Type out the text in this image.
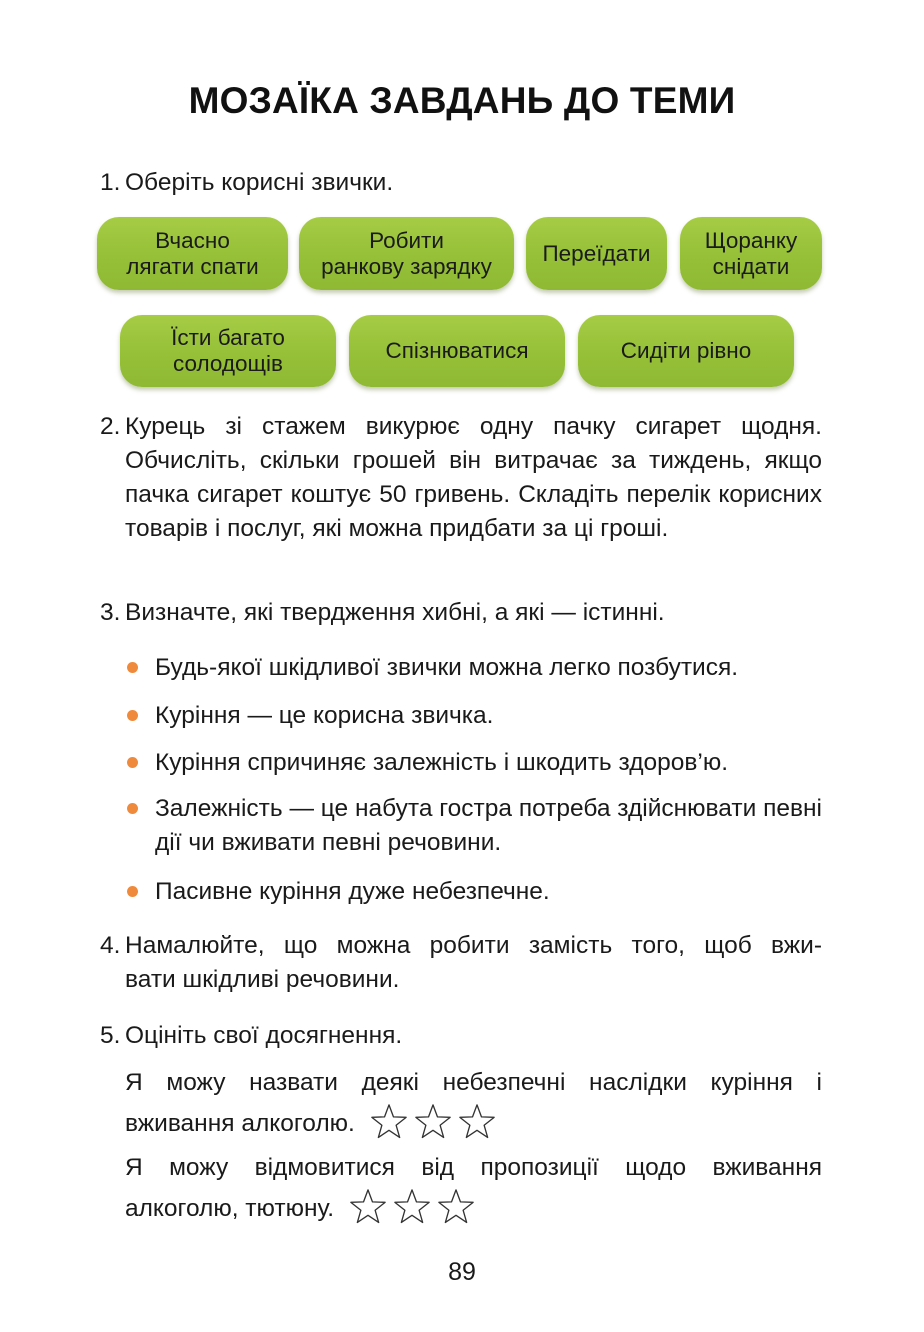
МОЗАЇКА ЗАВДАНЬ ДО ТЕМИ
1. Оберіть корисні звички.
Вчасно
лягати спати
Робити
ранкову зарядку
Переїдати
Щоранку
снідати
Їсти багато
солодощів
Спізнюватися	Сидіти рівно
2. Курець зі стажем викурює одну пачку сигарет щодня. Обчисліть, скільки грошей він витрачає за тиждень, якщо пачка сигарет коштує 50 гривень. Складіть перелік корисних товарів і послуг, які можна придбати за ці гроші.
3. Визначте, які твердження хибні, а які — істинні.
Будь-якої шкідливої звички можна легко позбутися.
Куріння — це корисна звичка.
Куріння спричиняє залежність і шкодить здоров’ю.
Залежність — це набута гостра потреба здійснювати певні дії чи вживати певні речовини.
Пасивне куріння дуже небезпечне.
4. Намалюйте, що можна робити замість того, щоб вжи-
вати шкідливі речовини.
5. Оцініть свої досягнення.
Я можу назвати деякі небезпечні наслідки куріння і
вживання алкоголю.
Я можу відмовитися від пропозиції щодо вживання
алкоголю, тютюну.
89
